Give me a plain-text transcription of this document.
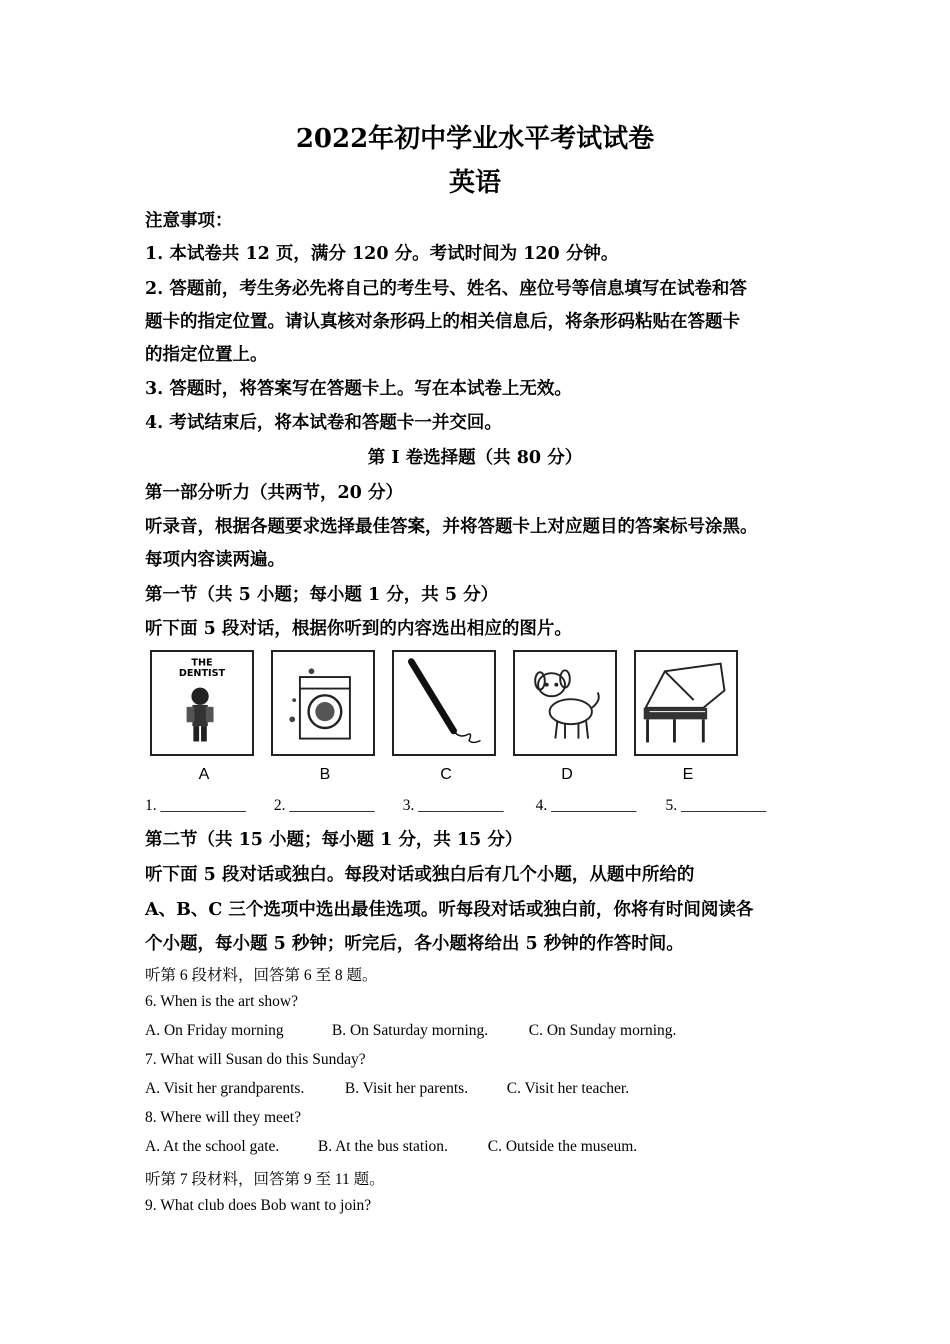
2022年初中学业水平考试试卷
英语
注意事项：
1. 本试卷共 12 页，满分 120 分。考试时间为 120 分钟。
2. 答题前，考生务必先将自己的考生号、姓名、座位号等信息填写在试卷和答
题卡的指定位置。请认真核对条形码上的相关信息后，将条形码粘贴在答题卡
的指定位置上。
3. 答题时，将答案写在答题卡上。写在本试卷上无效。
4. 考试结束后，将本试卷和答题卡一并交回。
第 I 卷选择题（共 80 分）
第一部分听力（共两节，20 分）
听录音，根据各题要求选择最佳答案，并将答题卡上对应题目的答案标号涂黑。
每项内容读两遍。
第一节（共 5 小题；每小题 1 分，共 5 分）
听下面 5 段对话，根据你听到的内容选出相应的图片。
THE
DENTIST
A	B	C	D	E
1. ___________ 2. ___________ 3. ___________ 4. ___________ 5. ___________
第二节（共 15 小题；每小题 1 分，共 15 分）
听下面 5 段对话或独白。每段对话或独白后有几个小题，从题中所给的
A、B、C 三个选项中选出最佳选项。听每段对话或独白前，你将有时间阅读各
个小题，每小题 5 秒钟；听完后，各小题将给出 5 秒钟的作答时间。
听第 6 段材料，回答第 6 至 8 题。
6. When is the art show?
A. On Friday morning	B. On Saturday morning.	C. On Sunday morning.
7. What will Susan do this Sunday?
A. Visit her grandparents.	B. Visit her parents. C. Visit her teacher.
8. Where will they meet?
A. At the school gate. B. At the bus station.	C. Outside the museum.
听第 7 段材料，回答第 9 至 11 题。
9. What club does Bob want to join?
